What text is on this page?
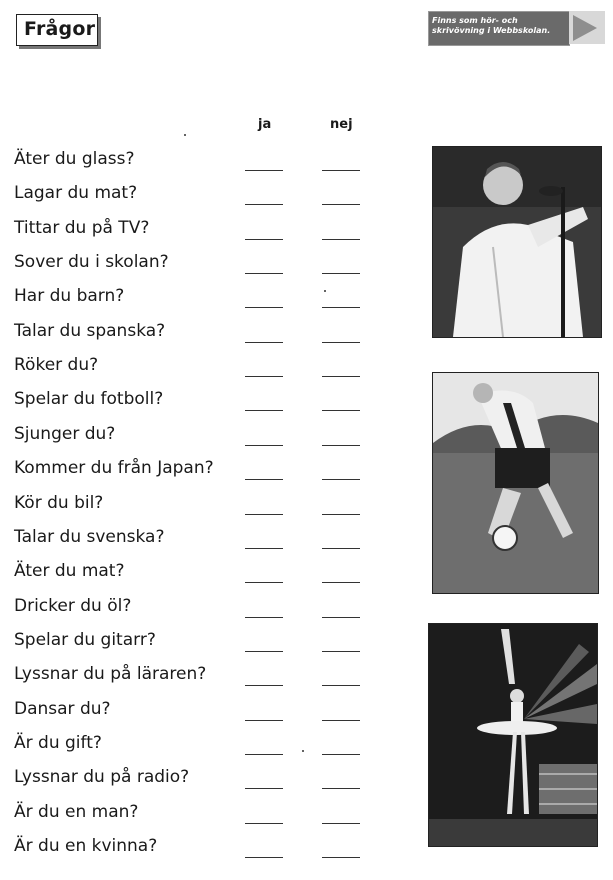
Frågor	Finns som hör- och skrivövning i Webbskolan.
ja	nej
Äter du glass?
Lagar du mat?
Tittar du på TV?
Sover du i skolan?
Har du barn?
Talar du spanska?
Röker du?
Spelar du fotboll?
Sjunger du?
Kommer du från Japan?
Kör du bil?
Talar du svenska?
Äter du mat?
Dricker du öl?
Spelar du gitarr?
Lyssnar du på läraren?
Dansar du?
Är du gift?
Lyssnar du på radio?
Är du en man?
Är du en kvinna?
